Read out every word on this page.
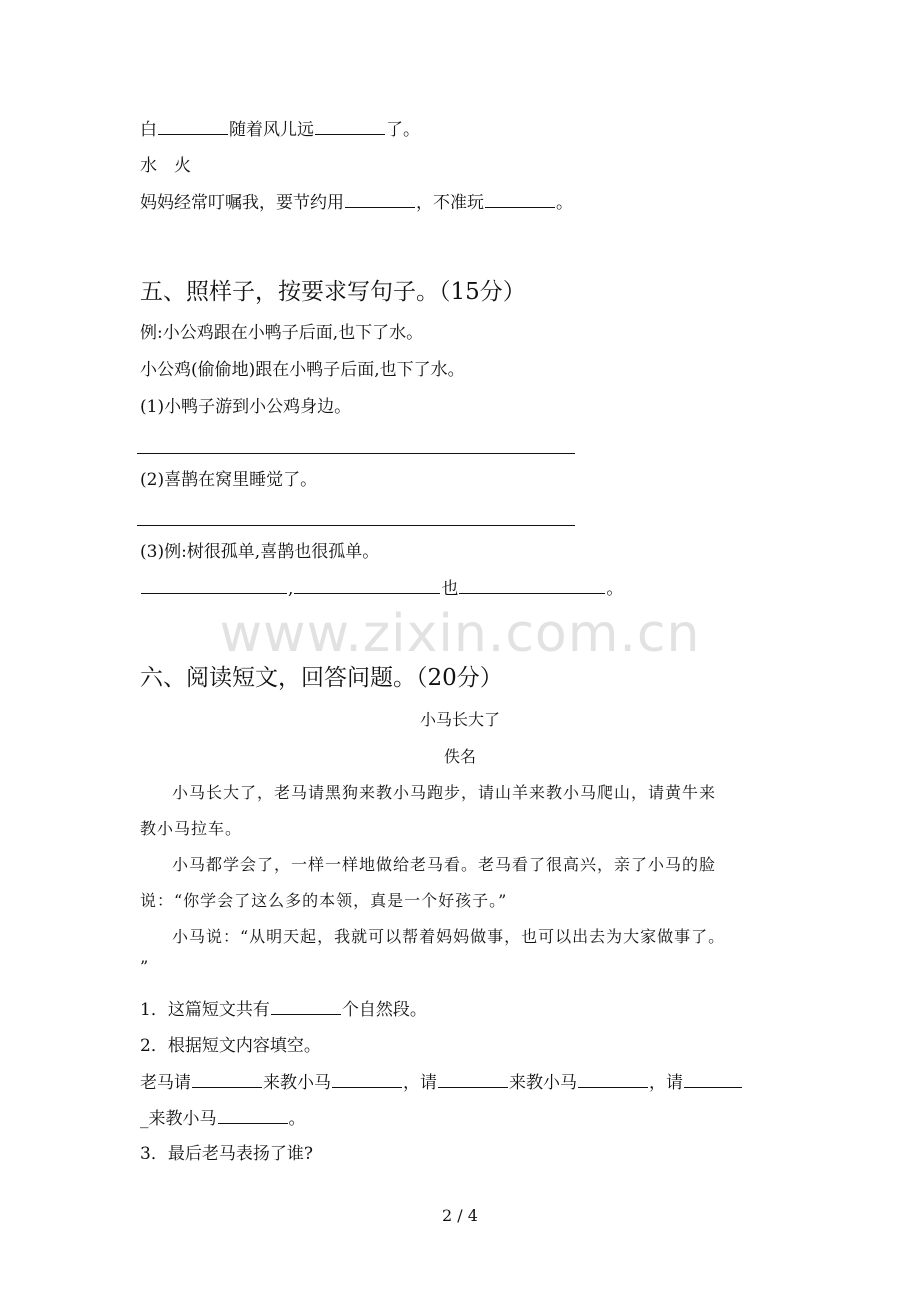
白	随着风儿远	了。
水　火
妈妈经常叮嘱我，要节约用	，不准玩	。
五、照样子，按要求写句子。（15分）
例:小公鸡跟在小鸭子后面,也下了水。
小公鸡(偷偷地)跟在小鸭子后面,也下了水。
(1)小鸭子游到小公鸡身边。
(2)喜鹊在窝里睡觉了。
(3)例:树很孤单,喜鹊也很孤单。
,	也	。
www.zixin.com.cn
六、阅读短文，回答问题。（20分）
小马长大了
佚名
小马长大了，老马请黑狗来教小马跑步，请山羊来教小马爬山，请黄牛来
教小马拉车。
小马都学会了，一样一样地做给老马看。老马看了很高兴，亲了小马的脸
说：“你学会了这么多的本领，真是一个好孩子。”
小马说：“从明天起，我就可以帮着妈妈做事，也可以出去为大家做事了。
”
1．这篇短文共有	个自然段。
2．根据短文内容填空。
老马请	来教小马	，请	来教小马	，请
_来教小马	。
3．最后老马表扬了谁?
2 / 4
